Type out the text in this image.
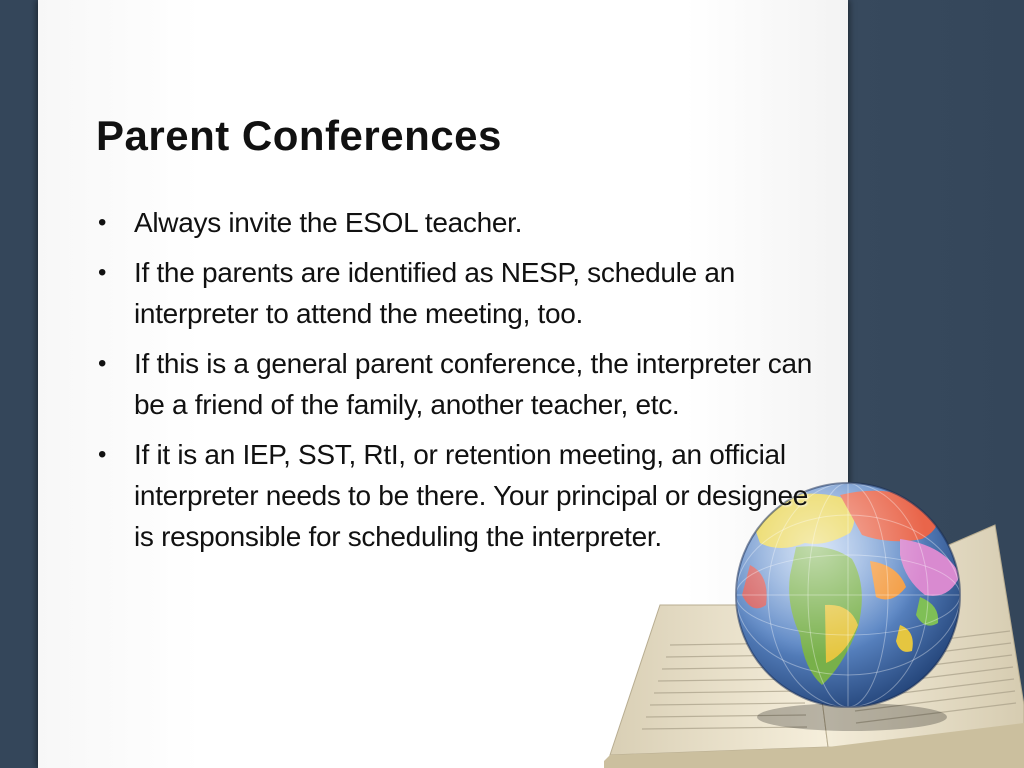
Parent Conferences
• Always invite the ESOL teacher.
• If the parents are identified as NESP, schedule an interpreter to attend the meeting, too.
• If this is a general parent conference, the interpreter can be a friend of the family, another teacher, etc.
• If it is an IEP, SST, RtI, or retention meeting, an official interpreter needs to be there. Your principal or designee is responsible for scheduling the interpreter.
